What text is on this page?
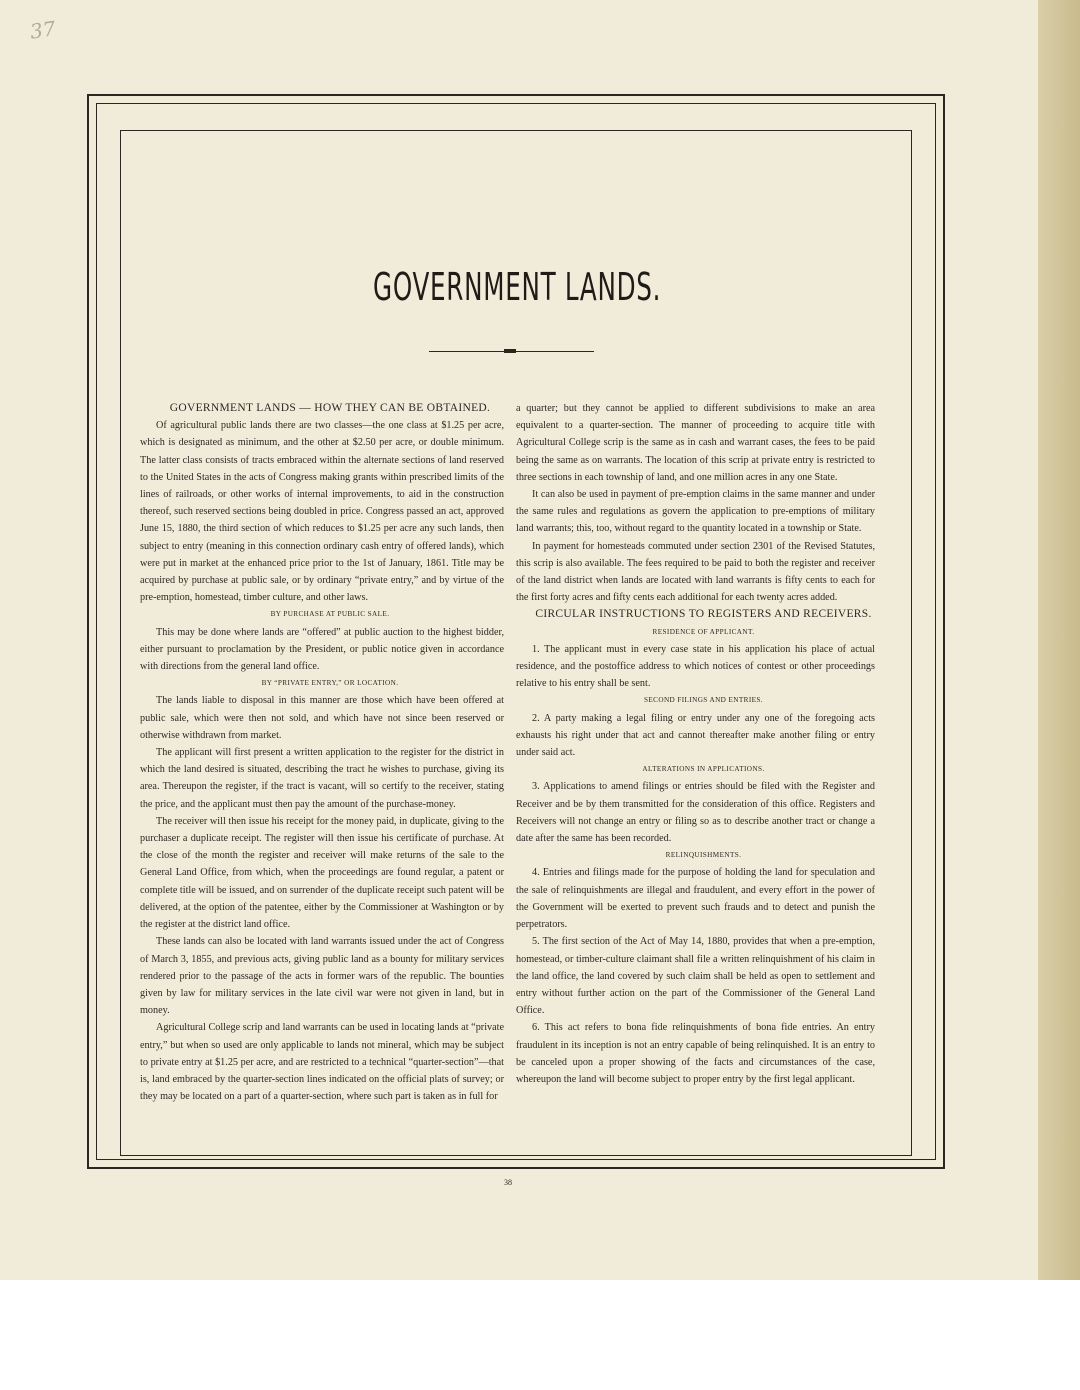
37
GOVERNMENT LANDS.

GOVERNMENT LANDS — HOW THEY CAN BE OBTAINED.

Of agricultural public lands there are two classes—the one class at $1.25 per acre, which is designated as minimum, and the other at $2.50 per acre, or double minimum. The latter class consists of tracts embraced within the alternate sections of land reserved to the United States in the acts of Congress making grants within prescribed limits of the lines of railroads, or other works of internal improvements, to aid in the construction thereof, such reserved sections being doubled in price. Congress passed an act, approved June 15, 1880, the third section of which reduces to $1.25 per acre any such lands, then subject to entry (meaning in this connection ordinary cash entry of offered lands), which were put in market at the enhanced price prior to the 1st of January, 1861. Title may be acquired by purchase at public sale, or by ordinary “private entry,” and by virtue of the pre-emption, homestead, timber culture, and other laws.

BY PURCHASE AT PUBLIC SALE.

This may be done where lands are “offered” at public auction to the highest bidder, either pursuant to proclamation by the President, or public notice given in accordance with directions from the general land office.

BY “PRIVATE ENTRY,” OR LOCATION.

The lands liable to disposal in this manner are those which have been offered at public sale, which were then not sold, and which have not since been reserved or otherwise withdrawn from market.

The applicant will first present a written application to the register for the district in which the land desired is situated, describing the tract he wishes to purchase, giving its area. Thereupon the register, if the tract is vacant, will so certify to the receiver, stating the price, and the applicant must then pay the amount of the purchase-money.

The receiver will then issue his receipt for the money paid, in duplicate, giving to the purchaser a duplicate receipt. The register will then issue his certificate of purchase. At the close of the month the register and receiver will make returns of the sale to the General Land Office, from which, when the proceedings are found regular, a patent or complete title will be issued, and on surrender of the duplicate receipt such patent will be delivered, at the option of the patentee, either by the Commissioner at Washington or by the register at the district land office.

These lands can also be located with land warrants issued under the act of Congress of March 3, 1855, and previous acts, giving public land as a bounty for military services rendered prior to the passage of the acts in former wars of the republic. The bounties given by law for military services in the late civil war were not given in land, but in money.

Agricultural College scrip and land warrants can be used in locating lands at “private entry,” but when so used are only applicable to lands not mineral, which may be subject to private entry at $1.25 per acre, and are restricted to a technical “quarter-section”—that is, land embraced by the quarter-section lines indicated on the official plats of survey; or they may be located on a part of a quarter-section, where such part is taken as in full for

a quarter; but they cannot be applied to different subdivisions to make an area equivalent to a quarter-section. The manner of proceeding to acquire title with Agricultural College scrip is the same as in cash and warrant cases, the fees to be paid being the same as on warrants. The location of this scrip at private entry is restricted to three sections in each township of land, and one million acres in any one State.

It can also be used in payment of pre-emption claims in the same manner and under the same rules and regulations as govern the application to pre-emptions of military land warrants; this, too, without regard to the quantity located in a township or State.

In payment for homesteads commuted under section 2301 of the Revised Statutes, this scrip is also available. The fees required to be paid to both the register and receiver of the land district when lands are located with land warrants is fifty cents to each for the first forty acres and fifty cents each additional for each twenty acres added.

CIRCULAR INSTRUCTIONS TO REGISTERS AND RECEIVERS.

RESIDENCE OF APPLICANT.

1. The applicant must in every case state in his application his place of actual residence, and the postoffice address to which notices of contest or other proceedings relative to his entry shall be sent.

SECOND FILINGS AND ENTRIES.

2. A party making a legal filing or entry under any one of the foregoing acts exhausts his right under that act and cannot thereafter make another filing or entry under said act.

ALTERATIONS IN APPLICATIONS.

3. Applications to amend filings or entries should be filed with the Register and Receiver and be by them transmitted for the consideration of this office. Registers and Receivers will not change an entry or filing so as to describe another tract or change a date after the same has been recorded.

RELINQUISHMENTS.

4. Entries and filings made for the purpose of holding the land for speculation and the sale of relinquishments are illegal and fraudulent, and every effort in the power of the Government will be exerted to prevent such frauds and to detect and punish the perpetrators.

5. The first section of the Act of May 14, 1880, provides that when a pre-emption, homestead, or timber-culture claimant shall file a written relinquishment of his claim in the land office, the land covered by such claim shall be held as open to settlement and entry without further action on the part of the Commissioner of the General Land Office.

6. This act refers to bona fide relinquishments of bona fide entries. An entry fraudulent in its inception is not an entry capable of being relinquished. It is an entry to be canceled upon a proper showing of the facts and circumstances of the case, whereupon the land will become subject to proper entry by the first legal applicant.

38
